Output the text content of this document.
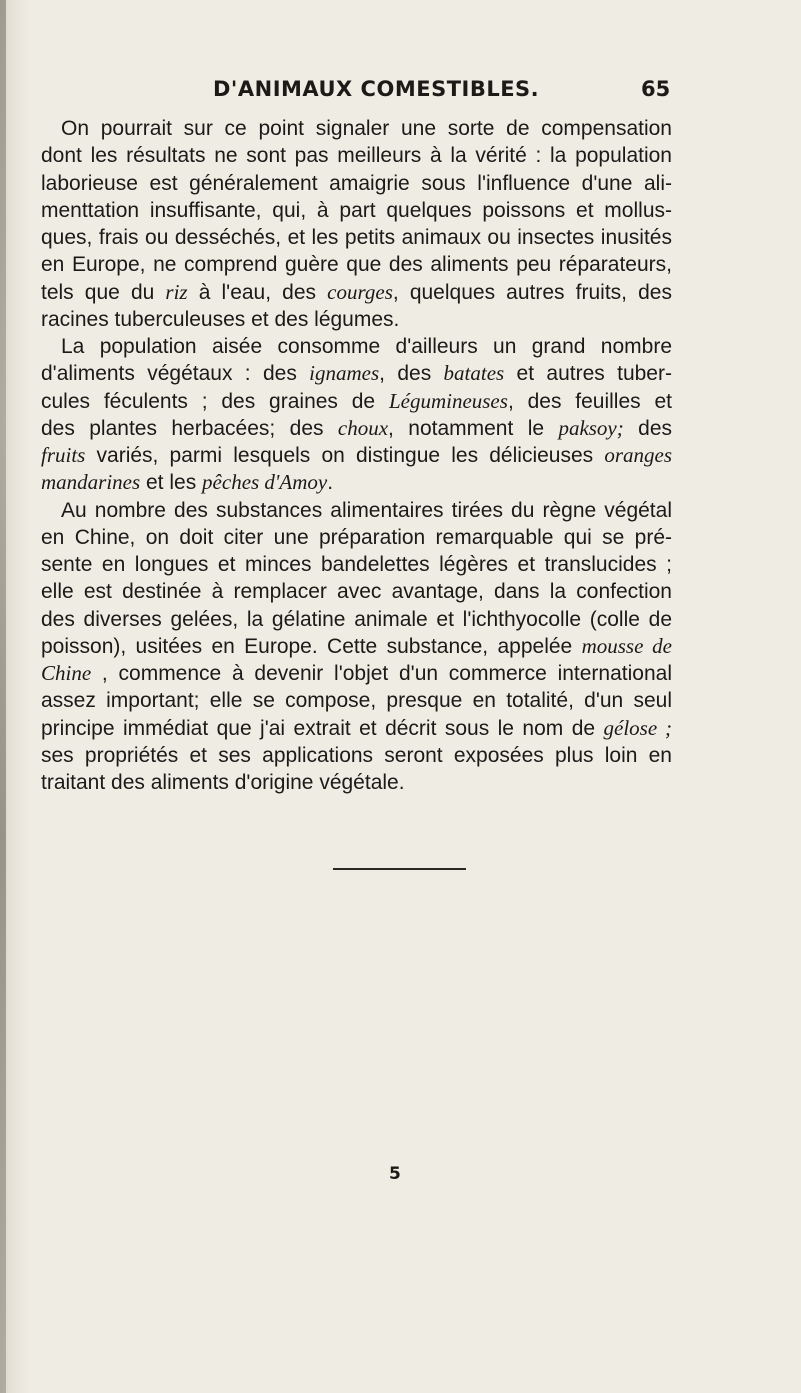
D'ANIMAUX COMESTIBLES.	65
On pourrait sur ce point signaler une sorte de compensation
dont les résultats ne sont pas meilleurs à la vérité : la population
laborieuse est généralement amaigrie sous l'influence d'une ali-
menttation insuffisante, qui, à part quelques poissons et mollus-
ques, frais ou desséchés, et les petits animaux ou insectes inusités
en Europe, ne comprend guère que des aliments peu réparateurs,
tels que du riz à l'eau, des courges, quelques autres fruits, des
racines tuberculeuses et des légumes.
La population aisée consomme d'ailleurs un grand nombre
d'aliments végétaux : des ignames, des batates et autres tuber-
cules féculents ; des graines de Légumineuses, des feuilles et
des plantes herbacées; des choux, notamment le paksoy; des
fruits variés, parmi lesquels on distingue les délicieuses oranges
mandarines et les pêches d'Amoy.
Au nombre des substances alimentaires tirées du règne végétal
en Chine, on doit citer une préparation remarquable qui se pré-
sente en longues et minces bandelettes légères et translucides ;
elle est destinée à remplacer avec avantage, dans la confection
des diverses gelées, la gélatine animale et l'ichthyocolle (colle de
poisson), usitées en Europe. Cette substance, appelée mousse de
Chine , commence à devenir l'objet d'un commerce international
assez important; elle se compose, presque en totalité, d'un seul
principe immédiat que j'ai extrait et décrit sous le nom de gélose ;
ses propriétés et ses applications seront exposées plus loin en
traitant des aliments d'origine végétale.
5
